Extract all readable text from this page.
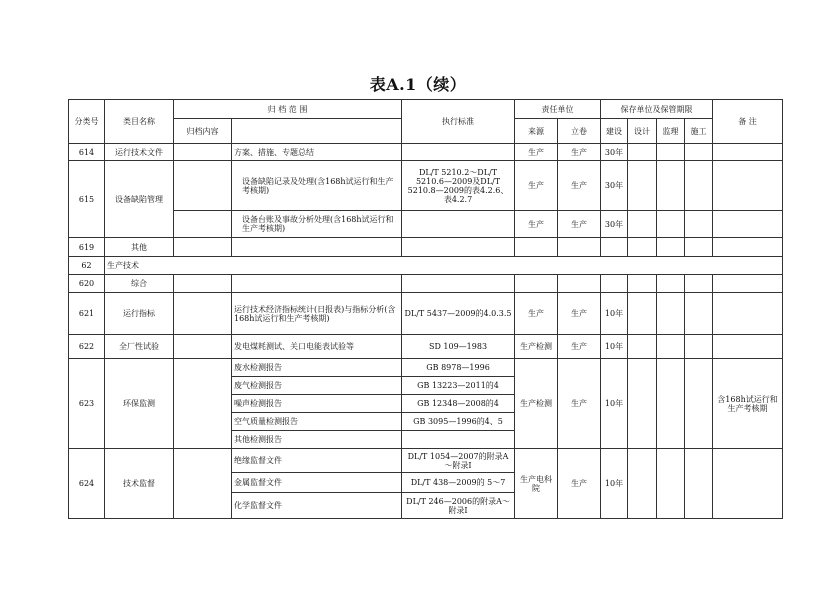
表A.1（续）
分类号	类目名称	归 档 范 围		执行标准	责任单位		保存单位及保管期限				备 注
		归档内容			来源	立卷	建设	设计	监理	施工	
614	运行技术文件		方案、措施、专题总结		生产	生产	30年				
615	设备缺陷管理		设备缺陷记录及处理(含168h试运行和生产考核期)	DL/T 5210.2～DL/T 5210.6—2009及DL/T 5210.8—2009的表4.2.6、表4.2.7	生产	生产	30年				
			设备台账及事故分析处理(含168h试运行和生产考核期)		生产	生产	30年				
619	其他										
62	生产技术										
620	综合										
621	运行指标		运行技术经济指标统计(日报表)与指标分析(含168h试运行和生产考核期)	DL/T 5437—2009的4.0.3.5	生产	生产	10年				
622	全厂性试验		发电煤耗测试、关口电能表试验等	SD 109—1983	生产检测	生产	10年				
623	环保监测		废水检测报告	GB 8978—1996	生产检测	生产	10年				含168h试运行和生产考核期
			废气检测报告	GB 13223—2011的4							
			噪声检测报告	GB 12348—2008的4							
			空气质量检测报告	GB 3095—1996的4、5							
			其他检测报告								
624	技术监督		绝缘监督文件	DL/T 1054—2007的附录A～附录I	生产电科院	生产	10年				
			金属监督文件	DL/T 438—2009的 5～7							
			化学监督文件	DL/T 246—2006的附录A～附录I							
